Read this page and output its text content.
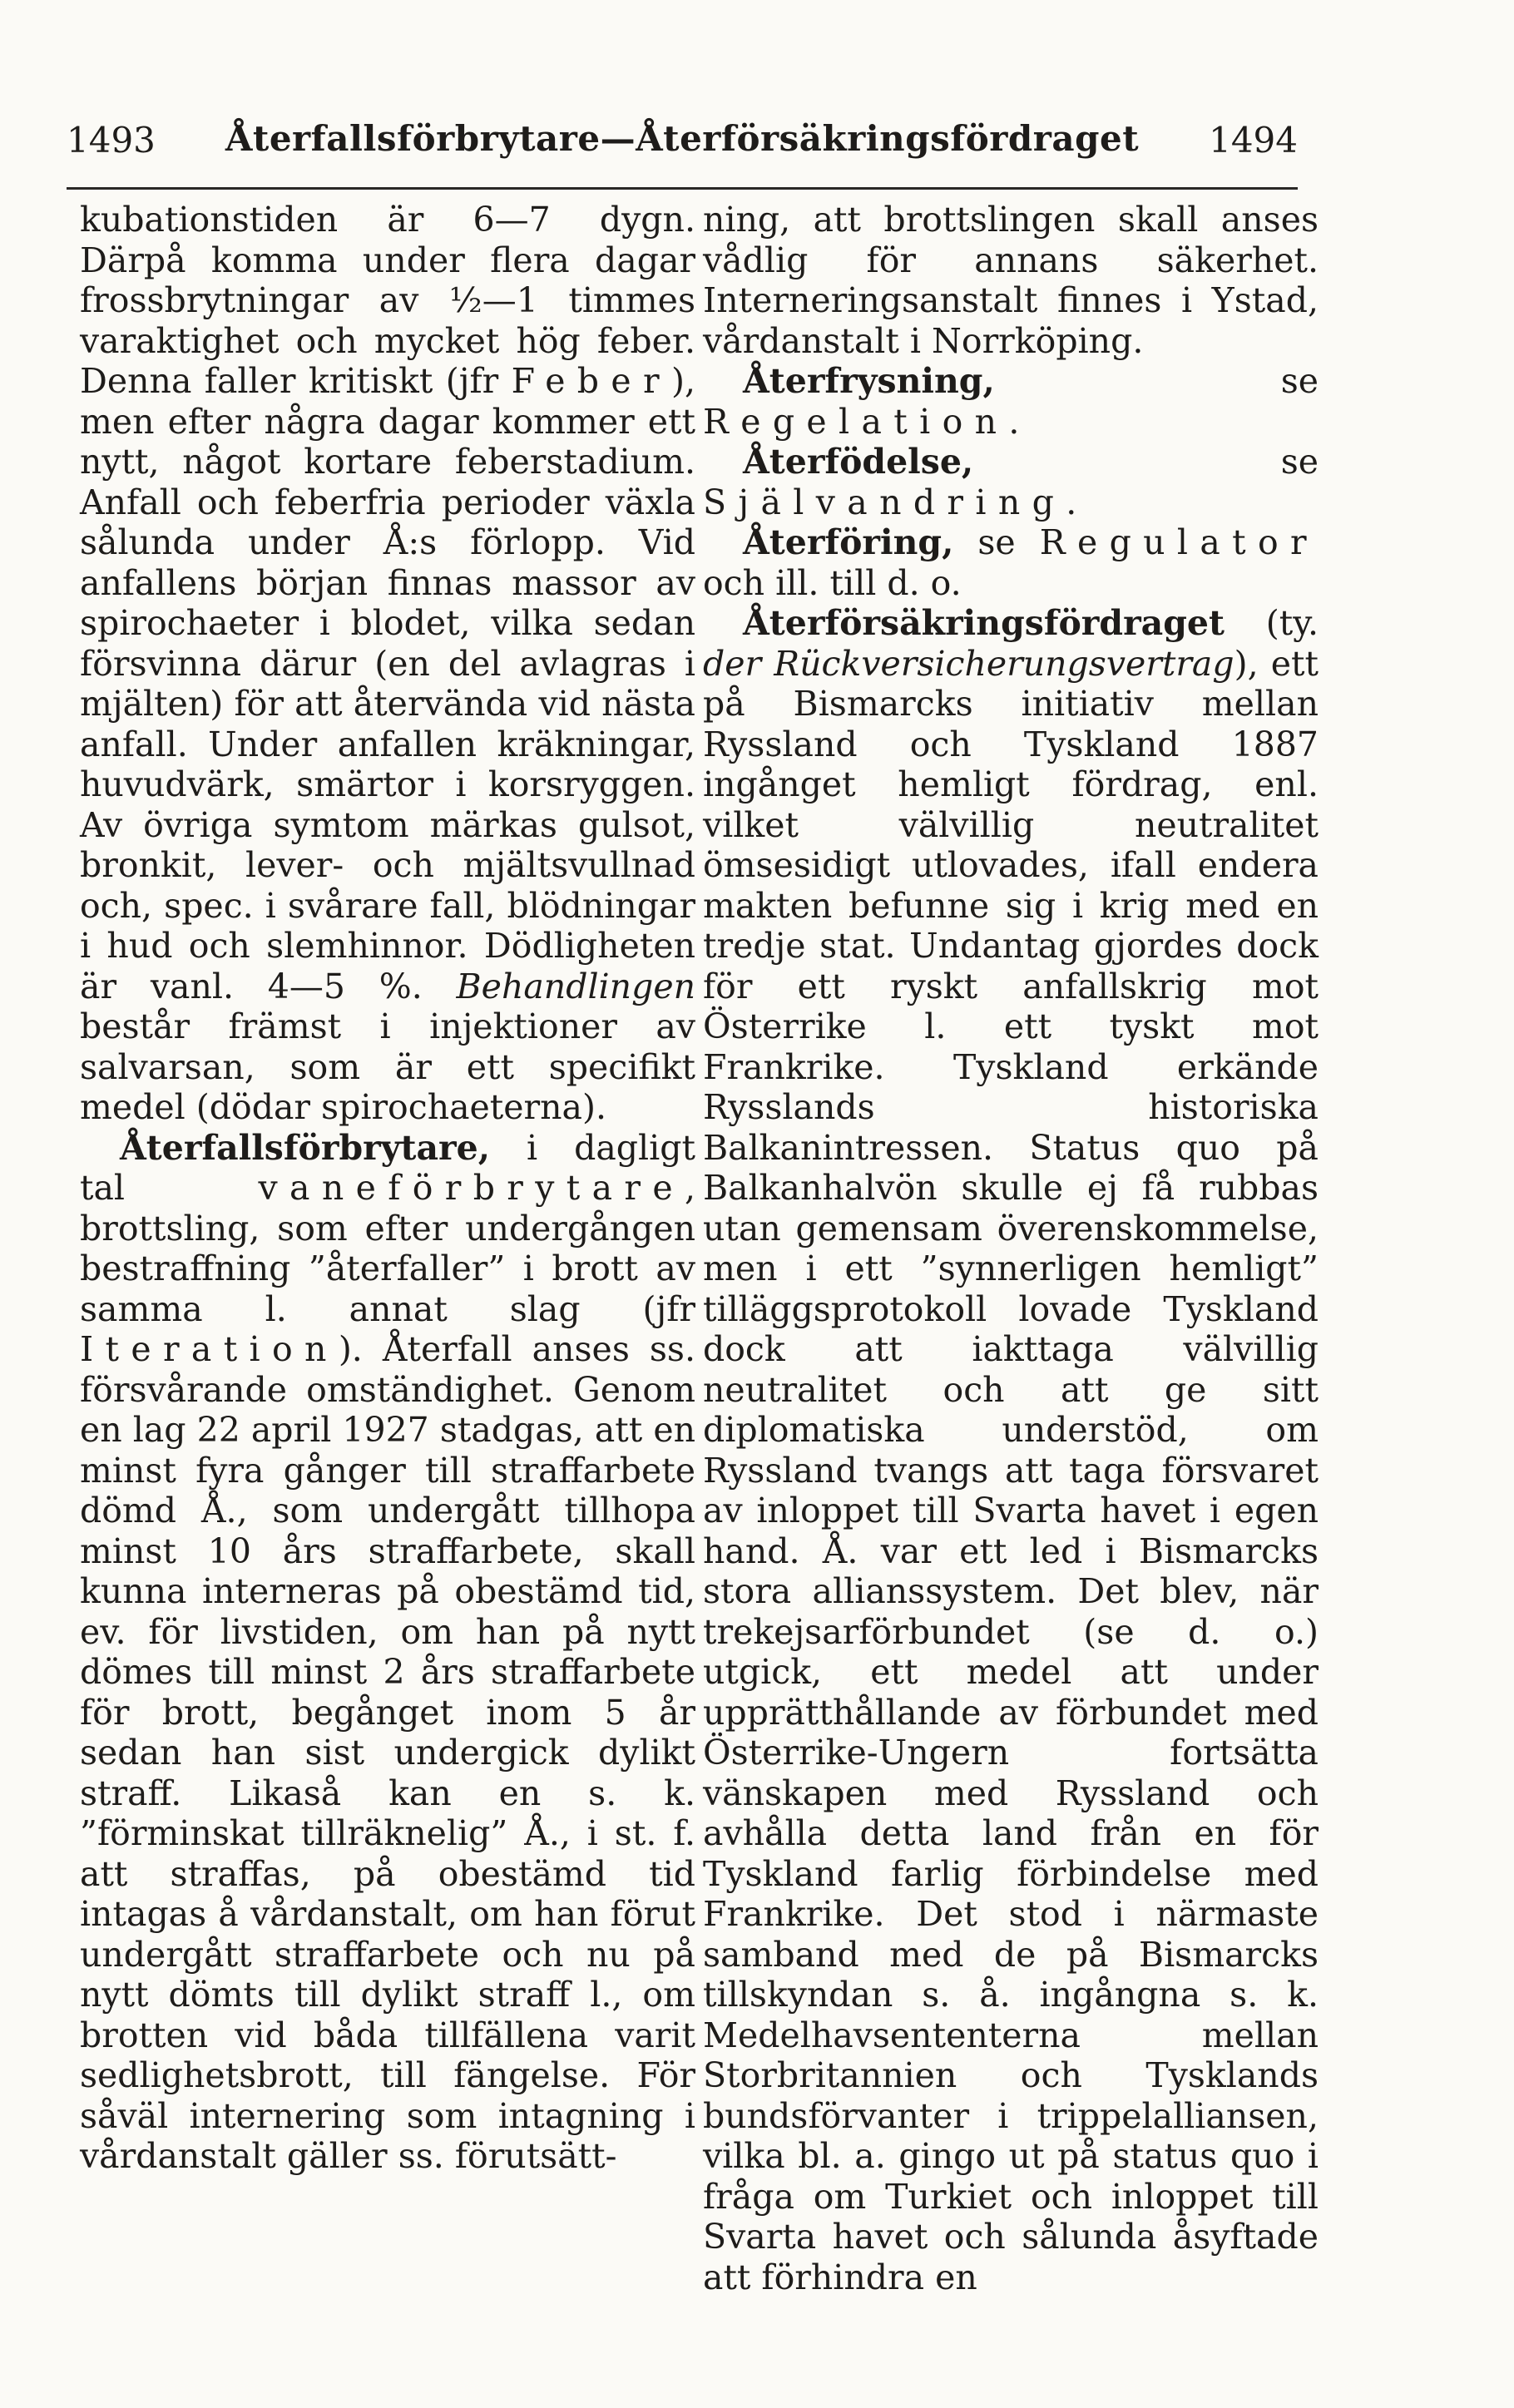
1493	Återfallsförbrytare—Återförsäkringsfördraget	1494

kubationstiden är 6—7 dygn. Därpå komma under flera dagar frossbrytningar av ½—1 timmes varaktighet och mycket hög feber. Denna faller kritiskt (jfr Feber), men efter några dagar kommer ett nytt, något kortare feberstadium. Anfall och feberfria perioder växla sålunda under Å:s förlopp. Vid anfallens början finnas massor av spirochaeter i blodet, vilka sedan försvinna därur (en del avlagras i mjälten) för att återvända vid nästa anfall. Under anfallen kräkningar, huvudvärk, smärtor i korsryggen. Av övriga symtom märkas gulsot, bronkit, lever- och mjältsvullnad och, spec. i svårare fall, blödningar i hud och slemhinnor. Dödligheten är vanl. 4—5 %. Behandlingen består främst i injektioner av salvarsan, som är ett specifikt medel (dödar spirochaeterna).

Återfallsförbrytare, i dagligt tal vaneförbrytare, brottsling, som efter undergången bestraffning ”återfaller” i brott av samma l. annat slag (jfr Iteration). Återfall anses ss. försvårande omständighet. Genom en lag 22 april 1927 stadgas, att en minst fyra gånger till straffarbete dömd Å., som undergått tillhopa minst 10 års straffarbete, skall kunna interneras på obestämd tid, ev. för livstiden, om han på nytt dömes till minst 2 års straffarbete för brott, begånget inom 5 år sedan han sist undergick dylikt straff. Likaså kan en s. k. ”förminskat tillräknelig” Å., i st. f. att straffas, på obestämd tid intagas å vårdanstalt, om han förut undergått straffarbete och nu på nytt dömts till dylikt straff l., om brotten vid båda tillfällena varit sedlighetsbrott, till fängelse. För såväl internering som intagning i vårdanstalt gäller ss. förutsätt-

ning, att brottslingen skall anses vådlig för annans säkerhet. Interneringsanstalt finnes i Ystad, vårdanstalt i Norrköping.

Återfrysning, se Regelation.

Återfödelse, se Självandring.

Återföring, se Regulator och ill. till d. o.

Återförsäkringsfördraget (ty. der Rückversicherungsvertrag), ett på Bismarcks initiativ mellan Ryssland och Tyskland 1887 ingånget hemligt fördrag, enl. vilket välvillig neutralitet ömsesidigt utlovades, ifall endera makten befunne sig i krig med en tredje stat. Undantag gjordes dock för ett ryskt anfallskrig mot Österrike l. ett tyskt mot Frankrike. Tyskland erkände Rysslands historiska Balkanintressen. Status quo på Balkanhalvön skulle ej få rubbas utan gemensam överenskommelse, men i ett ”synnerligen hemligt” tilläggsprotokoll lovade Tyskland dock att iakttaga välvillig neutralitet och att ge sitt diplomatiska understöd, om Ryssland tvangs att taga försvaret av inloppet till Svarta havet i egen hand. Å. var ett led i Bismarcks stora allianssystem. Det blev, när trekejsarförbundet (se d. o.) utgick, ett medel att under upprätthållande av förbundet med Österrike-Ungern fortsätta vänskapen med Ryssland och avhålla detta land från en för Tyskland farlig förbindelse med Frankrike. Det stod i närmaste samband med de på Bismarcks tillskyndan s. å. ingångna s. k. Medelhavsententerna mellan Storbritannien och Tysklands bundsförvanter i trippelalliansen, vilka bl. a. gingo ut på status quo i fråga om Turkiet och inloppet till Svarta havet och sålunda åsyftade att förhindra en
